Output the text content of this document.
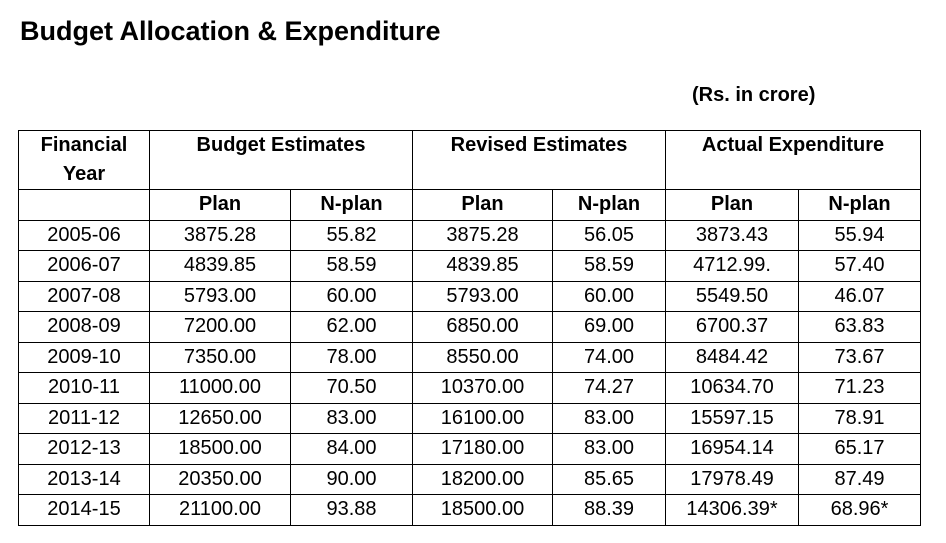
Budget Allocation & Expenditure
(Rs. in crore)
Financial Year	Budget Estimates		Revised Estimates		Actual Expenditure	
	Plan	N-plan	Plan	N-plan	Plan	N-plan
2005-06	3875.28	55.82	3875.28	56.05	3873.43	55.94
2006-07	4839.85	58.59	4839.85	58.59	4712.99.	57.40
2007-08	5793.00	60.00	5793.00	60.00	5549.50	46.07
2008-09	7200.00	62.00	6850.00	69.00	6700.37	63.83
2009-10	7350.00	78.00	8550.00	74.00	8484.42	73.67
2010-11	11000.00	70.50	10370.00	74.27	10634.70	71.23
2011-12	12650.00	83.00	16100.00	83.00	15597.15	78.91
2012-13	18500.00	84.00	17180.00	83.00	16954.14	65.17
2013-14	20350.00	90.00	18200.00	85.65	17978.49	87.49
2014-15	21100.00	93.88	18500.00	88.39	14306.39*	68.96*
